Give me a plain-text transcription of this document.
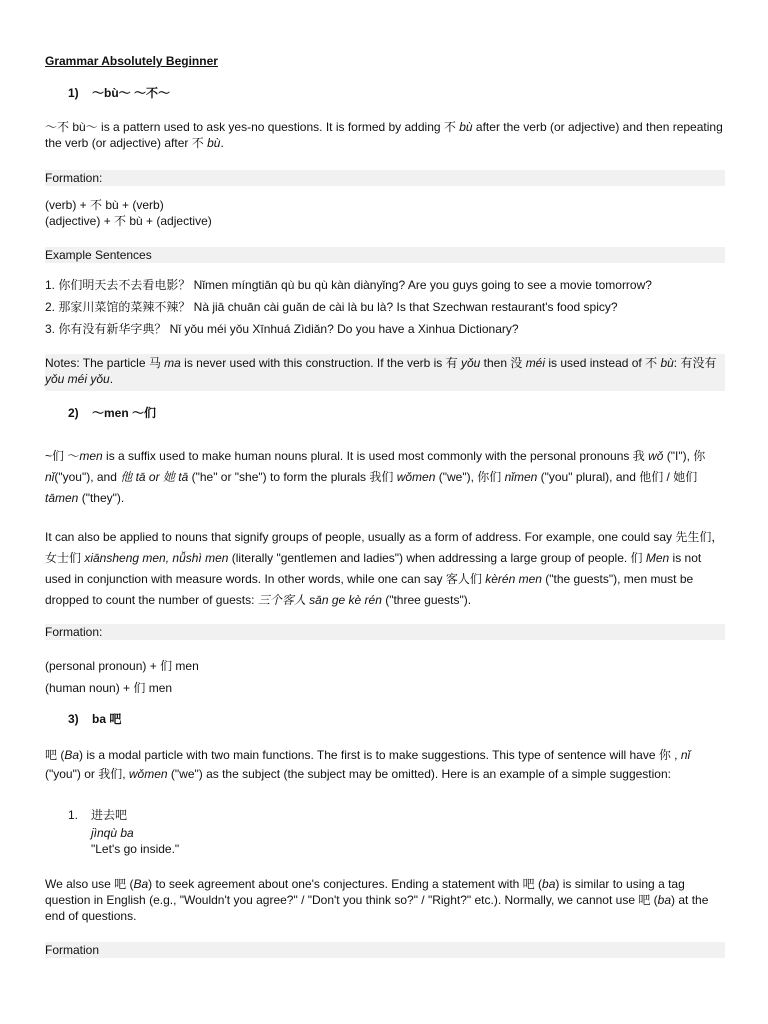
Grammar Absolutely Beginner
1) ～bù～ ～不～

～不 bù～ is a pattern used to ask yes-no questions. It is formed by adding 不 bù after the verb (or adjective) and then repeating the verb (or adjective) after 不 bù.

Formation:
(verb) + 不 bù + (verb)
(adjective) + 不 bù + (adjective)
Example Sentences
1. 你们明天去不去看电影？ Nǐmen míngtiān qù bu qù kàn diànyǐng? Are you guys going to see a movie tomorrow?
2. 那家川菜馆的菜辣不辣？ Nà jiā chuān cài guǎn de cài là bu là? Is that Szechwan restaurant's food spicy?
3. 你有没有新华字典？ Nǐ yǒu méi yǒu Xīnhuá Zìdiǎn? Do you have a Xinhua Dictionary?

Notes: The particle 马 ma is never used with this construction. If the verb is 有 yǒu then 没 méi is used instead of 不 bù: 有没有 yǒu méi yǒu.

2) ～men ～们

~们 ～men is a suffix used to make human nouns plural. It is used most commonly with the personal pronouns 我 wǒ ("I"), 你 nǐ("you"), and 他 tā or 她 tā ("he" or "she") to form the plurals 我们 wǒmen ("we"), 你们 nǐmen ("you" plural), and 他们 / 她们 tāmen ("they").

It can also be applied to nouns that signify groups of people, usually as a form of address. For example, one could say 先生们，女士们 xiānsheng men, nǚshì men (literally "gentlemen and ladies") when addressing a large group of people. 们 Men is not used in conjunction with measure words. In other words, while one can say 客人们 kèrén men ("the guests"), men must be dropped to count the number of guests: 三个客人 sān ge kè rén ("three guests").

Formation:
(personal pronoun) + 们 men
(human noun) + 们 men
3) ba 吧

吧 (Ba) is a modal particle with two main functions. The first is to make suggestions. This type of sentence will have 你 , nǐ ("you") or 我们, wǒmen ("we") as the subject (the subject may be omitted). Here is an example of a simple suggestion:

1. 进去吧
jìnqù ba
"Let's go inside."

We also use 吧 (Ba) to seek agreement about one's conjectures. Ending a statement with 吧 (ba) is similar to using a tag question in English (e.g., "Wouldn't you agree?" / "Don't you think so?" / "Right?" etc.). Normally, we cannot use 吧 (ba) at the end of questions.

Formation
